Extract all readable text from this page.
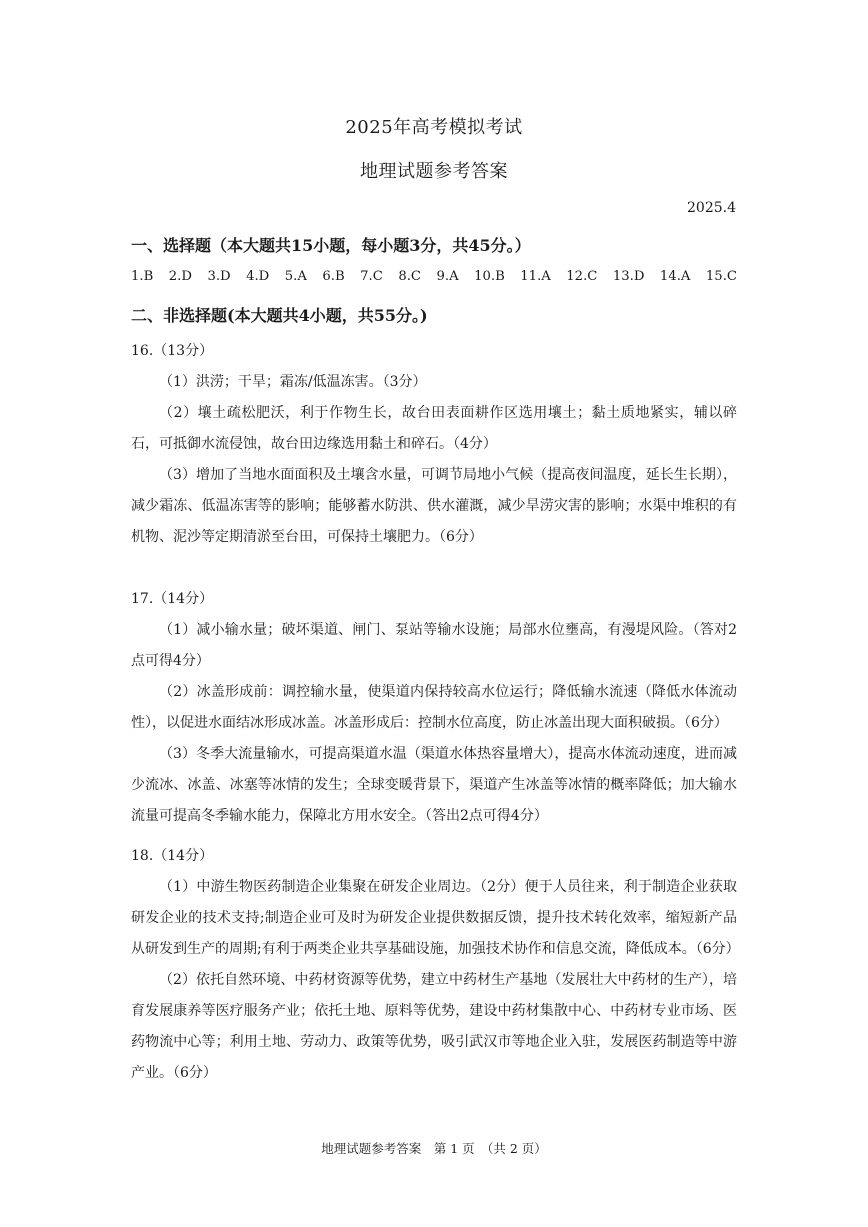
2025年高考模拟考试
地理试题参考答案
2025.4
一、选择题（本大题共15小题，每小题3分，共45分。）
1.B 2.D 3.D 4.D 5.A 6.B 7.C 8.C 9.A 10.B 11.A 12.C 13.D 14.A 15.C
二、非选择题(本大题共4小题，共55分。)
16.（13分）
（1）洪涝；干旱；霜冻/低温冻害。（3分）
（2）壤土疏松肥沃，利于作物生长，故台田表面耕作区选用壤土；黏土质地紧实，辅以碎石，可抵御水流侵蚀，故台田边缘选用黏土和碎石。（4分）
（3）增加了当地水面面积及土壤含水量，可调节局地小气候（提高夜间温度，延长生长期），减少霜冻、低温冻害等的影响；能够蓄水防洪、供水灌溉，减少旱涝灾害的影响；水渠中堆积的有机物、泥沙等定期清淤至台田，可保持土壤肥力。（6分）
17.（14分）
（1）减小输水量；破坏渠道、闸门、泵站等输水设施；局部水位壅高，有漫堤风险。（答对2点可得4分）
（2）冰盖形成前：调控输水量，使渠道内保持较高水位运行；降低输水流速（降低水体流动性），以促进水面结冰形成冰盖。冰盖形成后：控制水位高度，防止冰盖出现大面积破损。（6分）
（3）冬季大流量输水，可提高渠道水温（渠道水体热容量增大），提高水体流动速度，进而减少流冰、冰盖、冰塞等冰情的发生；全球变暖背景下，渠道产生冰盖等冰情的概率降低；加大输水流量可提高冬季输水能力，保障北方用水安全。（答出2点可得4分）
18.（14分）
（1）中游生物医药制造企业集聚在研发企业周边。（2分）便于人员往来，利于制造企业获取研发企业的技术支持;制造企业可及时为研发企业提供数据反馈，提升技术转化效率，缩短新产品从研发到生产的周期;有利于两类企业共享基础设施，加强技术协作和信息交流，降低成本。（6分）
（2）依托自然环境、中药材资源等优势，建立中药材生产基地（发展壮大中药材的生产），培育发展康养等医疗服务产业；依托土地、原料等优势，建设中药材集散中心、中药材专业市场、医药物流中心等；利用土地、劳动力、政策等优势，吸引武汉市等地企业入驻，发展医药制造等中游产业。（6分）
地理试题参考答案　第 1 页　（共 2 页）
